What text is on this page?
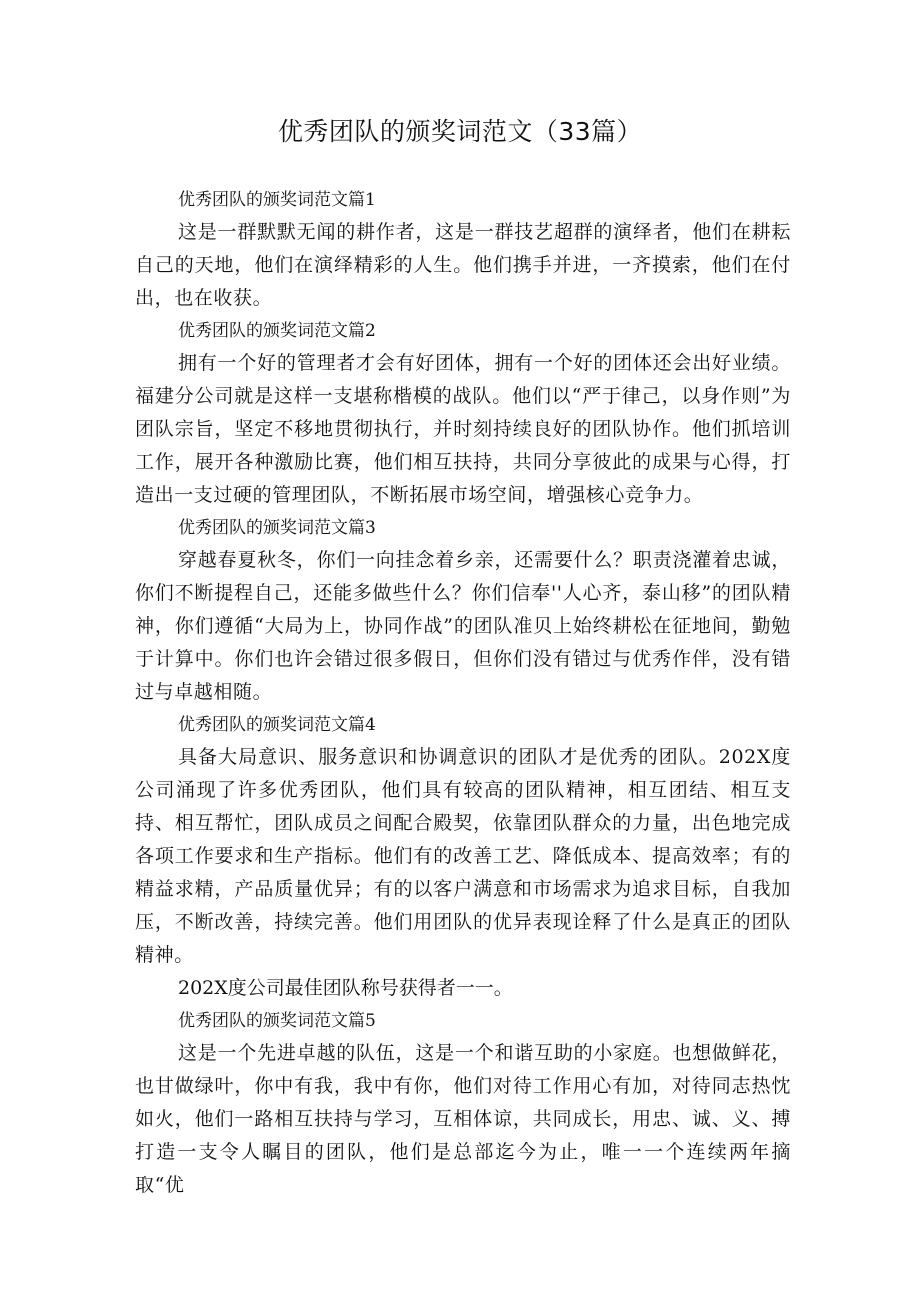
优秀团队的颁奖词范文（33篇）
优秀团队的颁奖词范文篇1

这是一群默默无闻的耕作者，这是一群技艺超群的演绎者，他们在耕耘自己的天地，他们在演绎精彩的人生。他们携手并进，一齐摸索，他们在付出，也在收获。

优秀团队的颁奖词范文篇2

拥有一个好的管理者才会有好团体，拥有一个好的团体还会出好业绩。福建分公司就是这样一支堪称楷模的战队。他们以“严于律己，以身作则”为团队宗旨，坚定不移地贯彻执行，并时刻持续良好的团队协作。他们抓培训工作，展开各种激励比赛，他们相互扶持，共同分享彼此的成果与心得，打造出一支过硬的管理团队，不断拓展市场空间，增强核心竞争力。

优秀团队的颁奖词范文篇3

穿越春夏秋冬，你们一向挂念着乡亲，还需要什么？职责浇灌着忠诚，你们不断提程自己，还能多做些什么？你们信奉''人心齐，泰山移”的团队精神，你们遵循“大局为上，协同作战”的团队准贝上始终耕松在征地间，勤勉于计算中。你们也许会错过很多假日，但你们没有错过与优秀作伴，没有错过与卓越相随。

优秀团队的颁奖词范文篇4

具备大局意识、服务意识和协调意识的团队才是优秀的团队。202X度公司涌现了许多优秀团队，他们具有较高的团队精神，相互团结、相互支持、相互帮忙，团队成员之间配合殿契，依靠团队群众的力量，出色地完成各项工作要求和生产指标。他们有的改善工艺、降低成本、提高效率；有的精益求精，产品质量优异；有的以客户满意和市场需求为追求目标，自我加压，不断改善，持续完善。他们用团队的优异表现诠释了什么是真正的团队精神。

202X度公司最佳团队称号获得者一一。
优秀团队的颁奖词范文篇5

这是一个先进卓越的队伍，这是一个和谐互助的小家庭。也想做鲜花，也甘做绿叶，你中有我，我中有你，他们对待工作用心有加，对待同志热忱如火，他们一路相互扶持与学习，互相体谅，共同成长，用忠、诚、义、搏打造一支令人瞩目的团队，他们是总部迄今为止，唯一一个连续两年摘取“优
